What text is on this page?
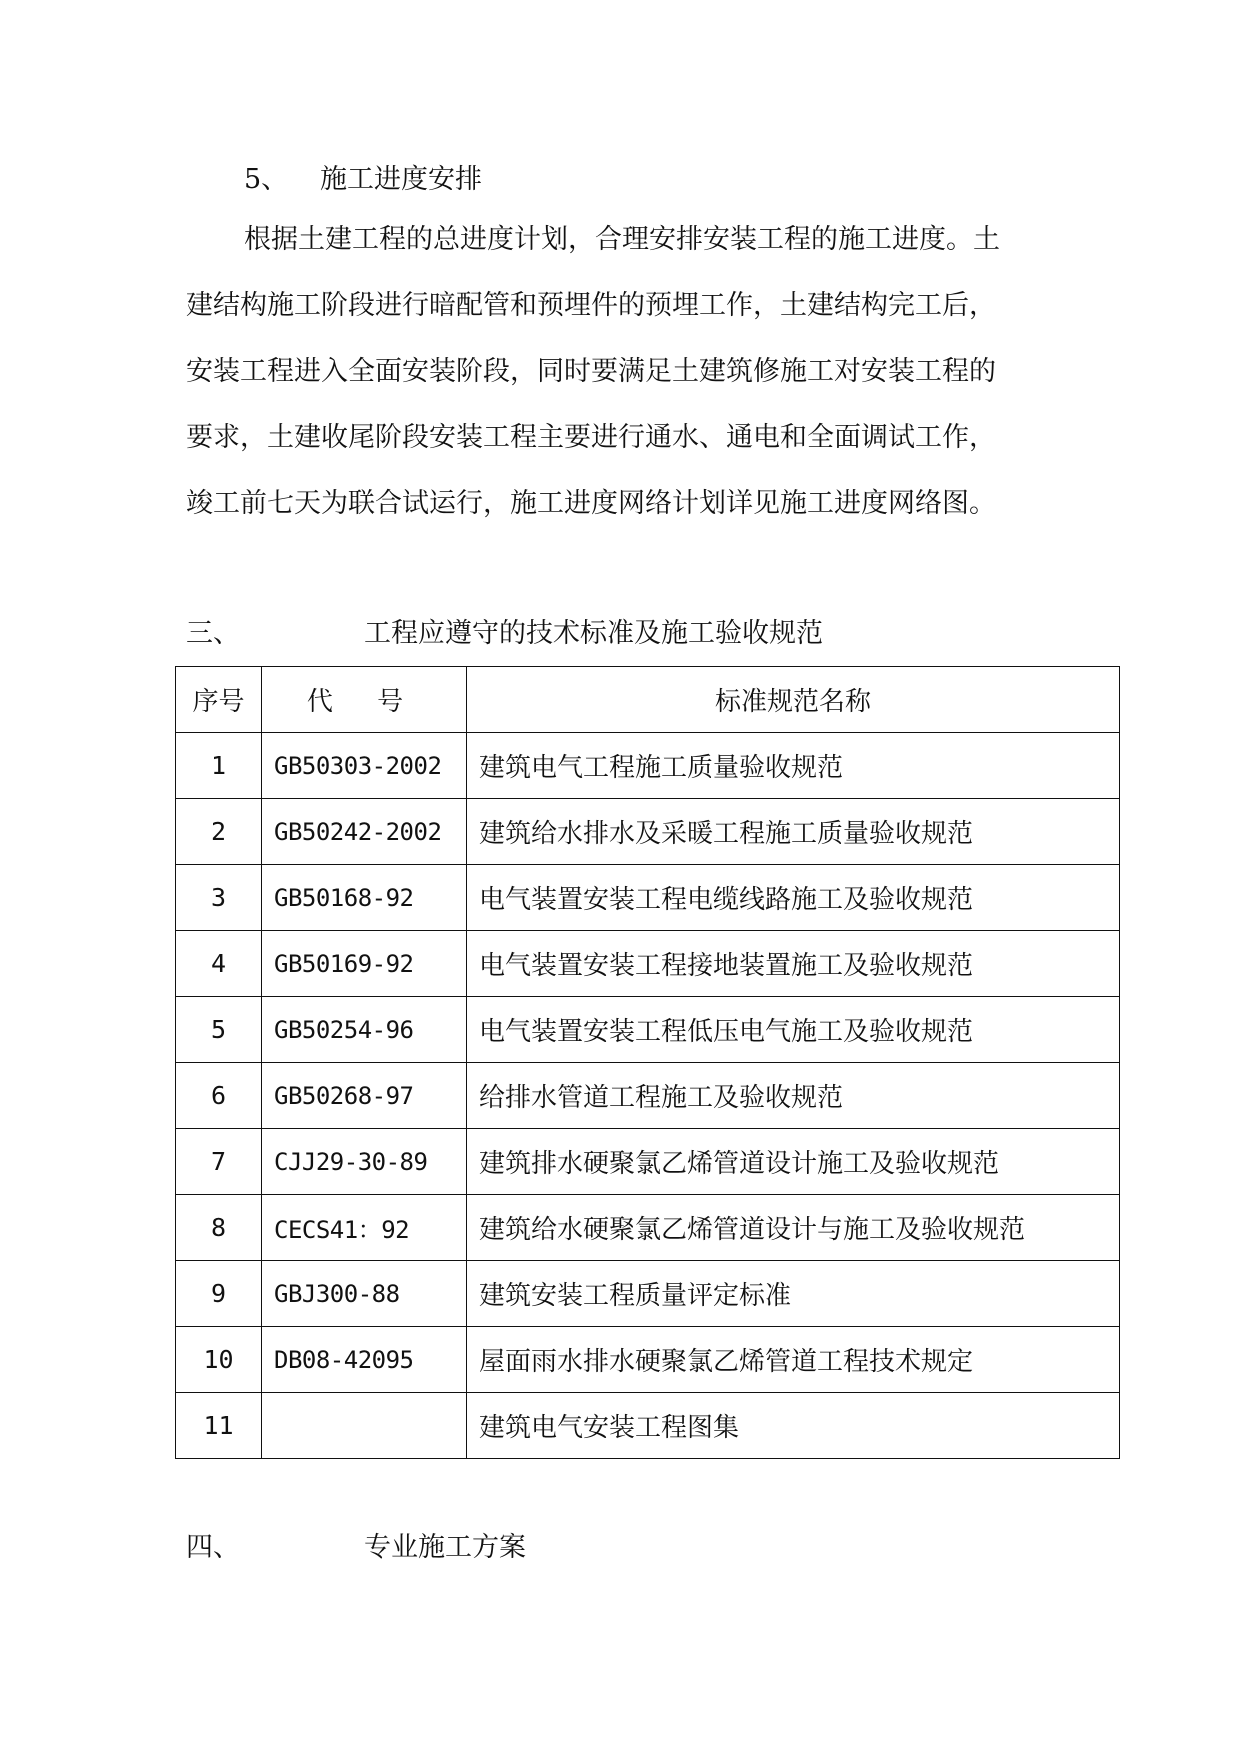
5、 施工进度安排
根据土建工程的总进度计划，合理安排安装工程的施工进度。土
建结构施工阶段进行暗配管和预埋件的预埋工作，土建结构完工后，
安装工程进入全面安装阶段，同时要满足土建筑修施工对安装工程的
要求，土建收尾阶段安装工程主要进行通水、通电和全面调试工作，
竣工前七天为联合试运行，施工进度网络计划详见施工进度网络图。
三、	工程应遵守的技术标准及施工验收规范
序号	代 号	标准规范名称
1	GB50303-2002	建筑电气工程施工质量验收规范
2	GB50242-2002	建筑给水排水及采暖工程施工质量验收规范
3	GB50168-92	电气装置安装工程电缆线路施工及验收规范
4	GB50169-92	电气装置安装工程接地装置施工及验收规范
5	GB50254-96	电气装置安装工程低压电气施工及验收规范
6	GB50268-97	给排水管道工程施工及验收规范
7	CJJ29-30-89	建筑排水硬聚氯乙烯管道设计施工及验收规范
8	CECS41：92	建筑给水硬聚氯乙烯管道设计与施工及验收规范
9	GBJ300-88	建筑安装工程质量评定标准
10	DB08-42095	屋面雨水排水硬聚氯乙烯管道工程技术规定
11		建筑电气安装工程图集
四、	专业施工方案
